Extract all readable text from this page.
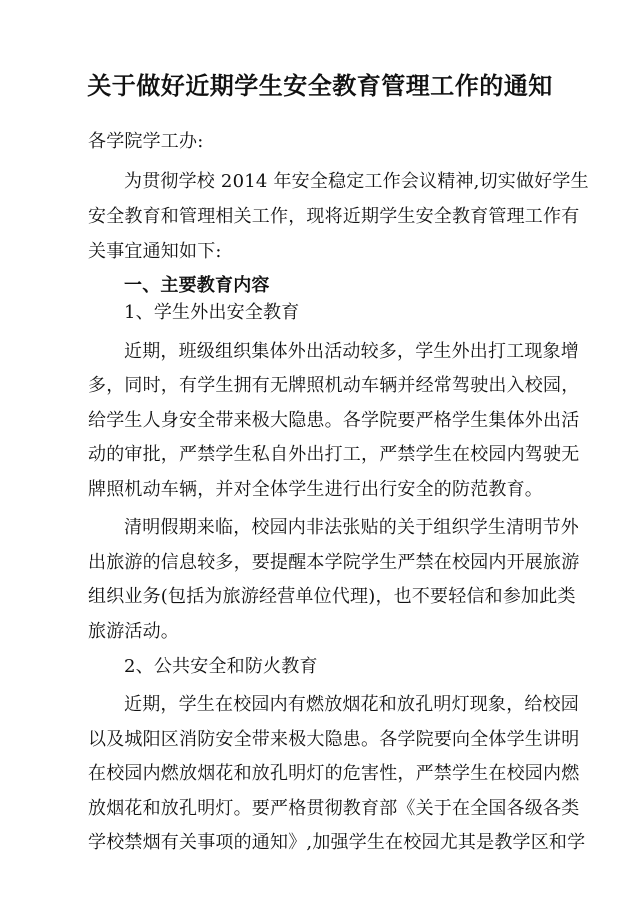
关于做好近期学生安全教育管理工作的通知
各学院学工办:
为贯彻学校 2014 年安全稳定工作会议精神,切实做好学生
安全教育和管理相关工作，现将近期学生安全教育管理工作有
关事宜通知如下:
一、主要教育内容
1、学生外出安全教育
近期，班级组织集体外出活动较多，学生外出打工现象增
多，同时，有学生拥有无牌照机动车辆并经常驾驶出入校园，
给学生人身安全带来极大隐患。各学院要严格学生集体外出活
动的审批，严禁学生私自外出打工，严禁学生在校园内驾驶无
牌照机动车辆，并对全体学生进行出行安全的防范教育。
清明假期来临，校园内非法张贴的关于组织学生清明节外
出旅游的信息较多，要提醒本学院学生严禁在校园内开展旅游
组织业务(包括为旅游经营单位代理)，也不要轻信和参加此类
旅游活动。
2、公共安全和防火教育
近期，学生在校园内有燃放烟花和放孔明灯现象，给校园
以及城阳区消防安全带来极大隐患。各学院要向全体学生讲明
在校园内燃放烟花和放孔明灯的危害性，严禁学生在校园内燃
放烟花和放孔明灯。要严格贯彻教育部《关于在全国各级各类
学校禁烟有关事项的通知》,加强学生在校园尤其是教学区和学
